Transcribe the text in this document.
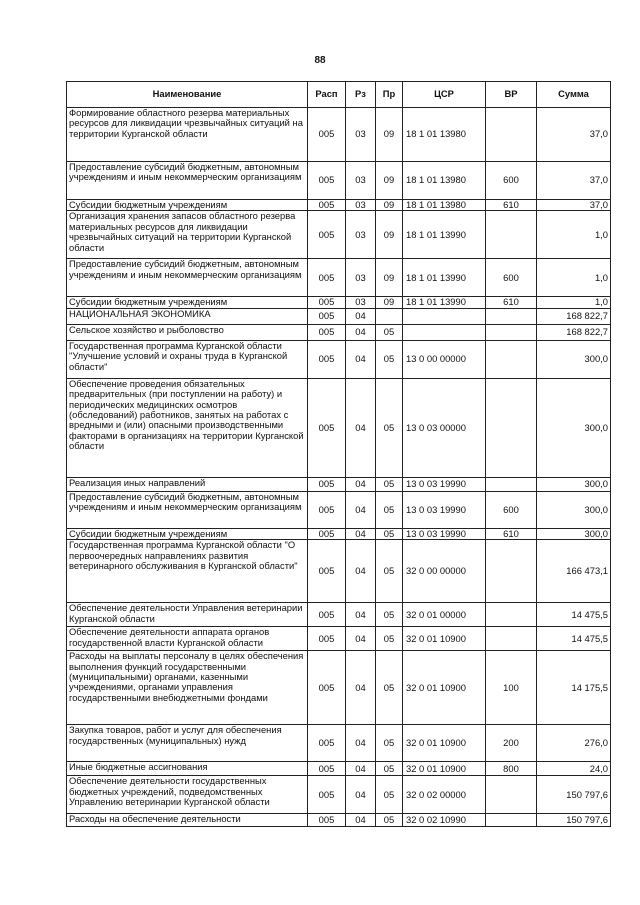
88
Наименование	Расп	Рз	Пр	ЦСР	ВР	Сумма
Формирование областного резерва материальных ресурсов для ликвидации чрезвычайных ситуаций на территории Курганской области	005	03	09	18 1 01 13980		37,0
Предоставление субсидий бюджетным, автономным учреждениям и иным некоммерческим организациям	005	03	09	18 1 01 13980	600	37,0
Субсидии бюджетным учреждениям	005	03	09	18 1 01 13980	610	37,0
Организация хранения запасов областного резерва материальных ресурсов для ликвидации чрезвычайных ситуаций на территории Курганской области	005	03	09	18 1 01 13990		1,0
Предоставление субсидий бюджетным, автономным учреждениям и иным некоммерческим организациям	005	03	09	18 1 01 13990	600	1,0
Субсидии бюджетным учреждениям	005	03	09	18 1 01 13990	610	1,0
НАЦИОНАЛЬНАЯ ЭКОНОМИКА	005	04				168 822,7
Сельское хозяйство и рыболовство	005	04	05			168 822,7
Государственная программа Курганской области "Улучшение условий и охраны труда в Курганской области"	005	04	05	13 0 00 00000		300,0
Обеспечение проведения обязательных предварительных (при поступлении на работу) и периодических медицинских осмотров (обследований) работников, занятых на работах с вредными и (или) опасными производственными факторами в организациях на территории Курганской области	005	04	05	13 0 03 00000		300,0
Реализация иных направлений	005	04	05	13 0 03 19990		300,0
Предоставление субсидий бюджетным, автономным учреждениям и иным некоммерческим организациям	005	04	05	13 0 03 19990	600	300,0
Субсидии бюджетным учреждениям	005	04	05	13 0 03 19990	610	300,0
Государственная программа Курганской области "О первоочередных направлениях развития ветеринарного обслуживания в Курганской области"	005	04	05	32 0 00 00000		166 473,1
Обеспечение деятельности Управления ветеринарии Курганской области	005	04	05	32 0 01 00000		14 475,5
Обеспечение деятельности аппарата органов государственной власти Курганской области	005	04	05	32 0 01 10900		14 475,5
Расходы на выплаты персоналу в целях обеспечения выполнения функций государственными (муниципальными) органами, казенными учреждениями, органами управления государственными внебюджетными фондами	005	04	05	32 0 01 10900	100	14 175,5
Закупка товаров, работ и услуг для обеспечения государственных (муниципальных) нужд	005	04	05	32 0 01 10900	200	276,0
Иные бюджетные ассигнования	005	04	05	32 0 01 10900	800	24,0
Обеспечение деятельности государственных бюджетных учреждений, подведомственных Управлению ветеринарии Курганской области	005	04	05	32 0 02 00000		150 797,6
Расходы на обеспечение деятельности	005	04	05	32 0 02 10990		150 797,6
